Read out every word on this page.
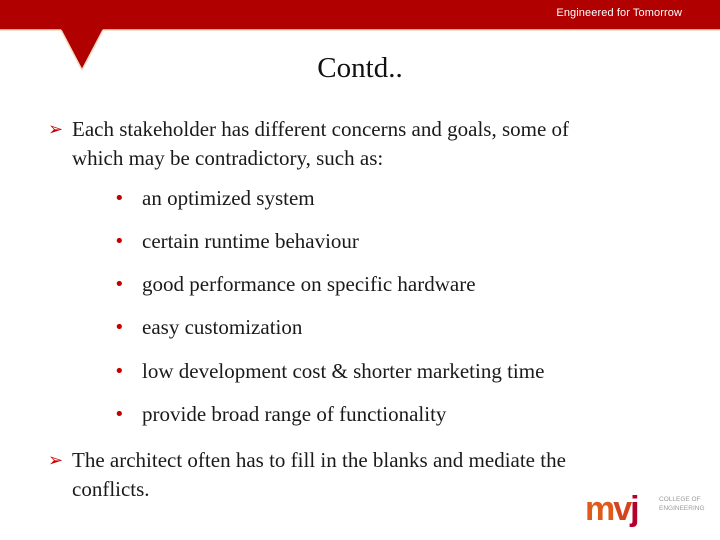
Engineered for Tomorrow
Contd..
➢ Each stakeholder has different concerns and goals, some of
which may be contradictory, such as:
• an optimized system
• certain runtime behaviour
• good performance on specific hardware
• easy customization
• low development cost & shorter marketing time
• provide broad range of functionality
➢ The architect often has to fill in the blanks and mediate the
conflicts.
mvj	COLLEGE OF
ENGINEERING
